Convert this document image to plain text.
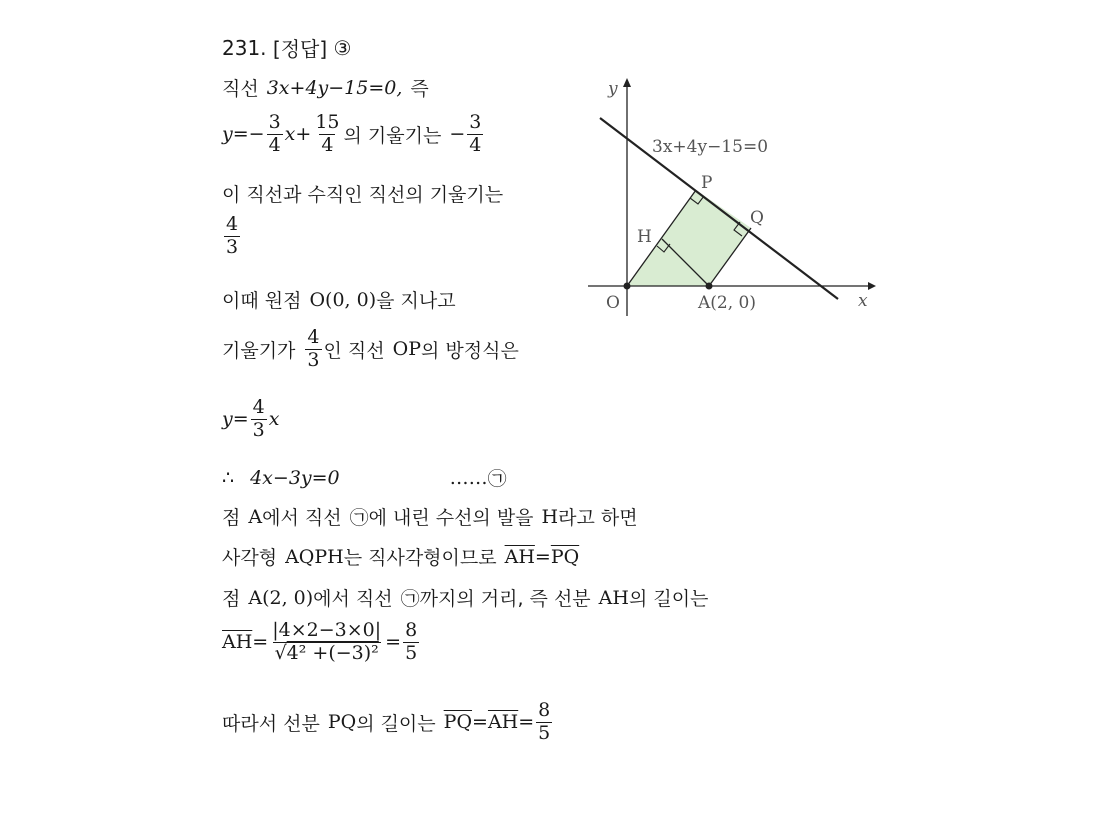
231.
[정답]
③
직선 3x+4y−15=0, 즉
$y=- \frac{3}{4} x+ \frac{15}{4}$ 의 기울기는 − $\frac{3}{4}$
이 직선과 수직인 직선의 기울기는
$\frac{4}{3}$
이때 원점 O(0, 0) 을 지나고
기울기가 $\frac{4}{3}$ 인 직선 OP 의 방정식은
$y= \frac{4}{3}$ x
∴ 4x−3y=0	…… ㉠
점 A 에서 직선 ㉠ 에 내린 수선의 발을 H 라고 하면
사각형 AQPH 는 직사각형이므로 $\overline{AH} = \overline{PQ}$
점 A(2, 0) 에서 직선 ㉠ 까지의 거리, 즉 선분 AH 의 길이는
$\overline{AH} = \frac{|4\times 2-3\times 0|}{\text{√4² +(−3)²}} = \frac{8}{5}$
따라서 선분 PQ 의 길이는 $\overline{PQ} = \overline{AH} = \frac{8}{5}$
y
x
3x+4y−15=0
O	A(2, 0)
P
Q
H
